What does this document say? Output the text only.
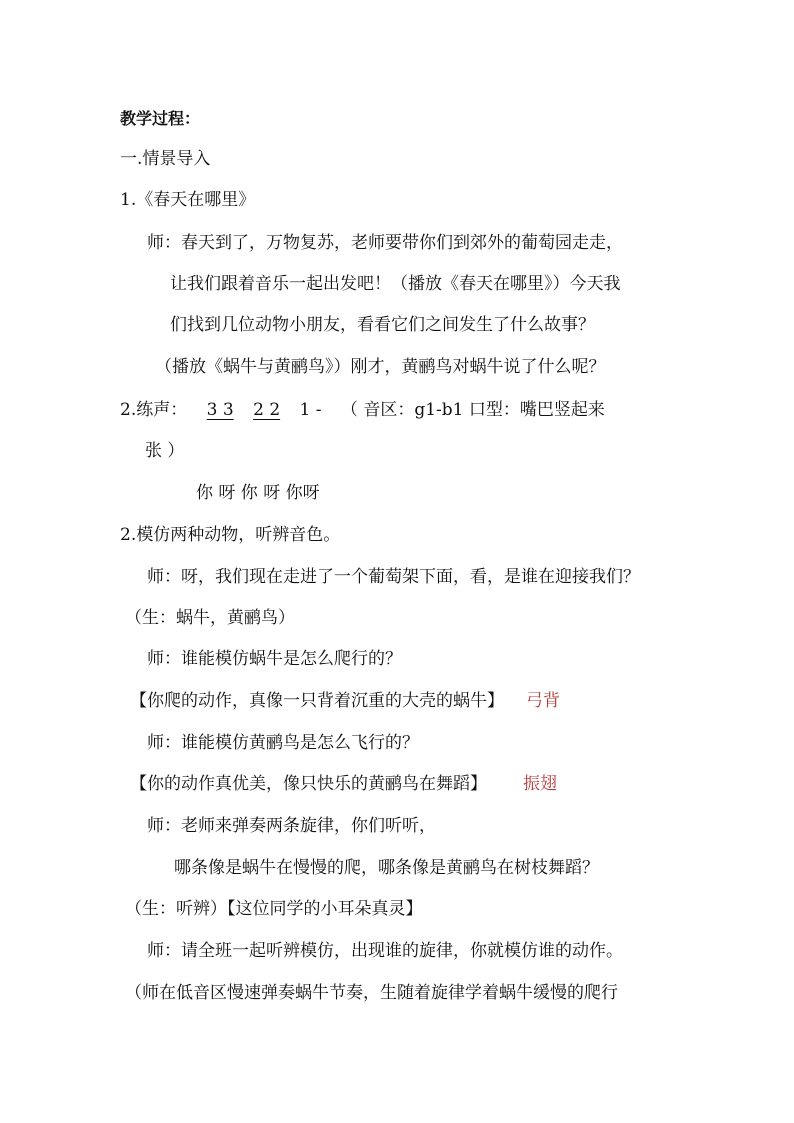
教学过程：
一.情景导入
1.《春天在哪里》
师：春天到了，万物复苏，老师要带你们到郊外的葡萄园走走，
让我们跟着音乐一起出发吧！（播放《春天在哪里》）今天我
们找到几位动物小朋友，看看它们之间发生了什么故事？
（播放《蜗牛与黄鹂鸟》）刚才，黄鹂鸟对蜗牛说了什么呢？
2.练声： 3 3 2 2 1 - （ 音区：g1-b1 口型：嘴巴竖起来
张 ）
你 呀 你 呀 你呀
2.模仿两种动物，听辨音色。
师：呀，我们现在走进了一个葡萄架下面，看，是谁在迎接我们？
（生：蜗牛，黄鹂鸟）
师：谁能模仿蜗牛是怎么爬行的？
【你爬的动作，真像一只背着沉重的大壳的蜗牛】 弓背
师：谁能模仿黄鹂鸟是怎么飞行的？
【你的动作真优美，像只快乐的黄鹂鸟在舞蹈】 振翅
师：老师来弹奏两条旋律，你们听听，
哪条像是蜗牛在慢慢的爬，哪条像是黄鹂鸟在树枝舞蹈？
（生：听辨）【这位同学的小耳朵真灵】
师：请全班一起听辨模仿，出现谁的旋律，你就模仿谁的动作。
（师在低音区慢速弹奏蜗牛节奏，生随着旋律学着蜗牛缓慢的爬行
